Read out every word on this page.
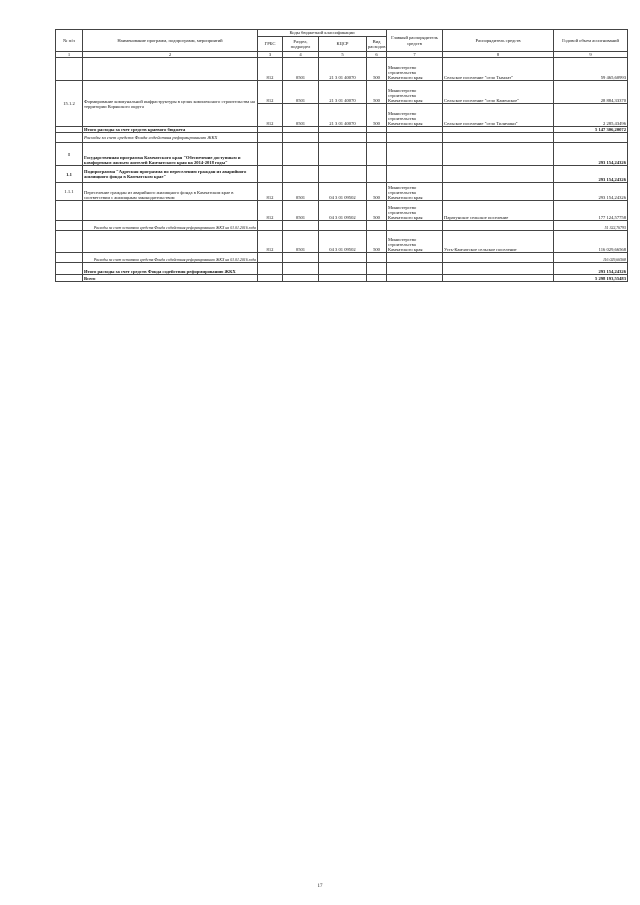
№ п/п	Наименование программ, подпрограмм, мероприятий	Коды бюджетной классификации				Главный распорядитель средств	Распорядитель средств	Годовой объем ассигнований
		ГРБС	Раздел, подраздел	КЦСР	Вид расходов			
1	2	3	4	5	6	7	8	9
		812	0501	21 3 01 40070	500	Министерство строительства Камчатского края	Сельское поселение "село Тымлат"	59 465,60993
15.1.2	Формирование коммунальной инфраструктуры в целях комплексного строительства на территории Корякского округа	812	0501	21 3 01 40070	500	Министерство строительства Камчатского края	Сельское поселение "село Каменское"	28 884,33370
		812	0501	21 3 01 40070	500	Министерство строительства Камчатского края	Сельское поселение "село Тиличики"	2 285,43496
	Итого расходы за счет средств краевого бюджета							5 147 306,20072
	Расходы за счет средств Фонда содействия реформированию ЖКХ							
I	Государственная программа Камчатского края "Обеспечение доступным и комфортным жильем жителей Камчатского края на 2014-2018 годы"							293 154,24326
1.1	Подпрограмма "Адресная программа по переселению граждан из аварийного жилищного фонда в Камчатском крае"							293 154,24326
1.1.1	Переселение граждан из аварийного жилищного фонда в Камчатском крае в соответствии с жилищным законодательством	812	0501	04 3 01 09502	500	Министерство строительства Камчатского края		293 154,24326
		812	0501	04 3 01 09502	500	Министерство строительства Камчатского края	Паратунское сельское поселение	177 124,57758
	Расходы за счет остатков средств Фонда содействия реформированию ЖКХ на 01.01.2016 года							51 322,76795
		812	0501	04 3 01 09502	500	Министерство строительства Камчатского края	Усть-Камчатское сельское поселение	116 029,66568
	Расходы за счет остатков средств Фонда содействия реформированию ЖКХ на 01.01.2016 года							116 029,66568
	Итого расходы за счет средств Фонда содействия реформированию ЖКХ							293 154,24326
	Всего							5 298 193,55483
17
